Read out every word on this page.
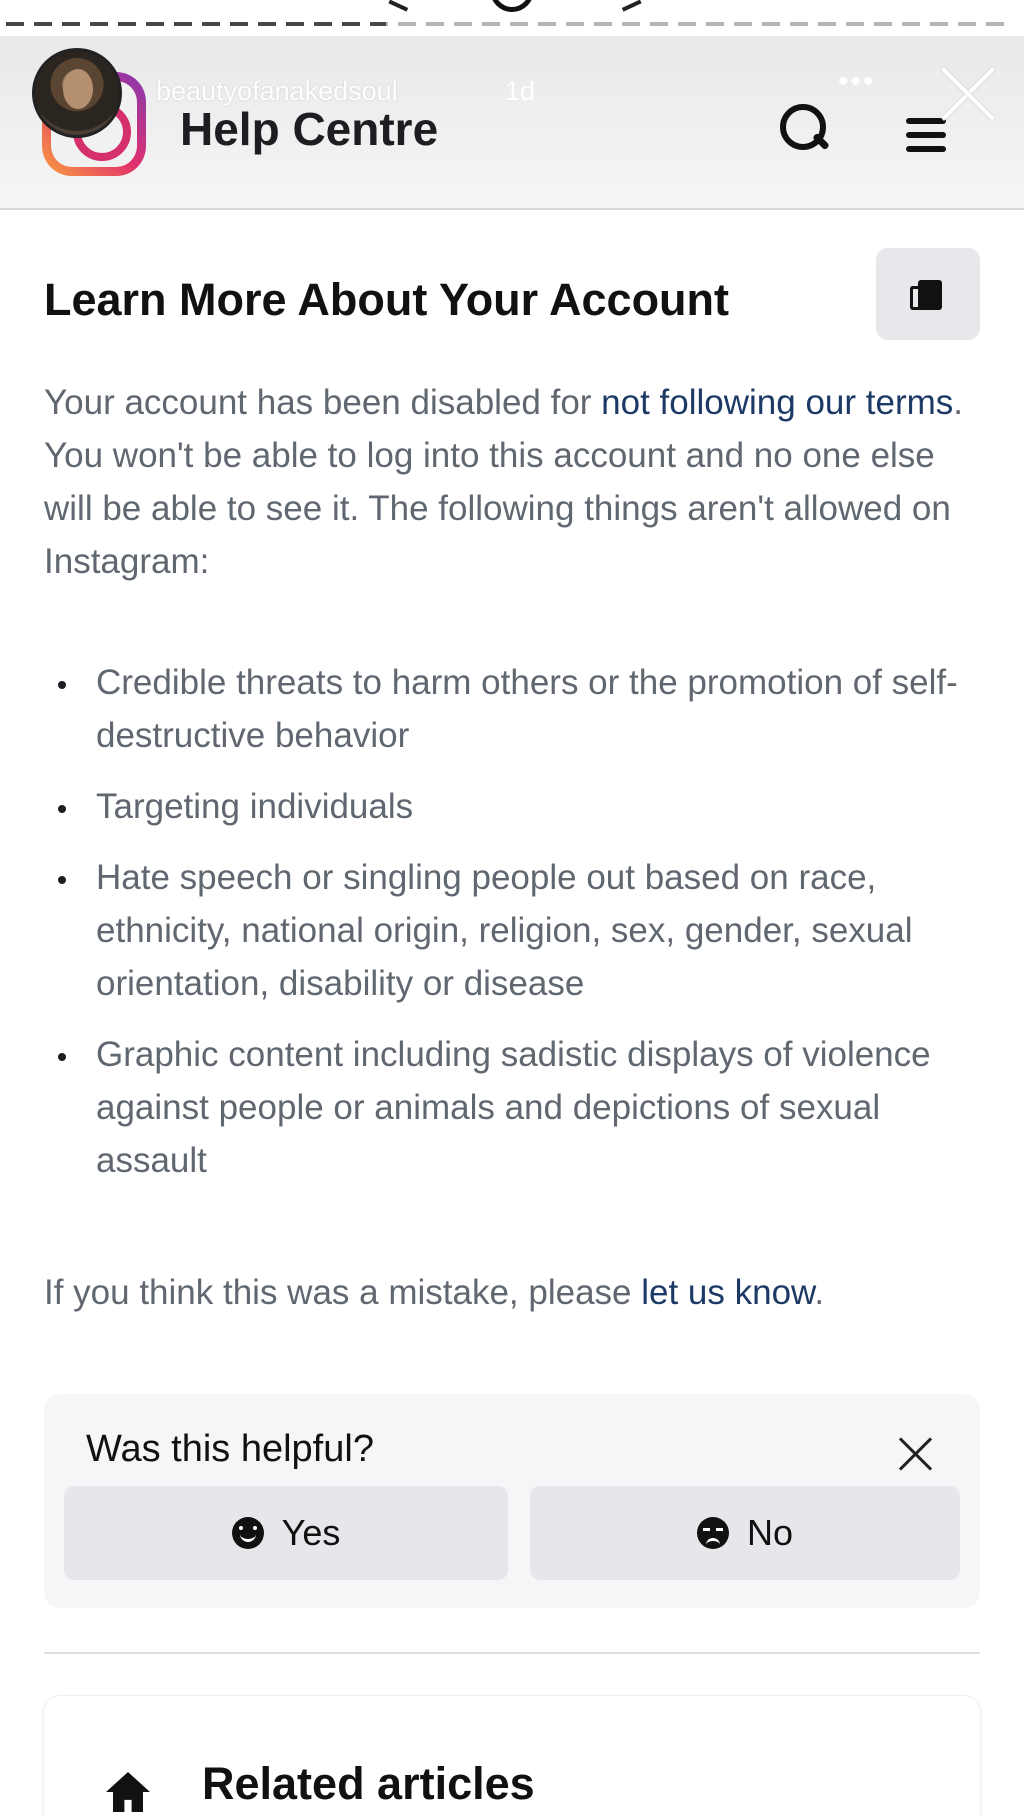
beautyofanakedsoul	1d
Help Centre
•••
Learn More About Your Account

Your account has been disabled for not following our terms. You won't be able to log into this account and no one else will be able to see it. The following things aren't allowed on Instagram:

Credible threats to harm others or the promotion of self-destructive behavior
Targeting individuals
Hate speech or singling people out based on race, ethnicity, national origin, religion, sex, gender, sexual orientation, disability or disease
Graphic content including sadistic displays of violence against people or animals and depictions of sexual assault

If you think this was a mistake, please let us know.

Was this helpful?
Yes	No
Related articles
